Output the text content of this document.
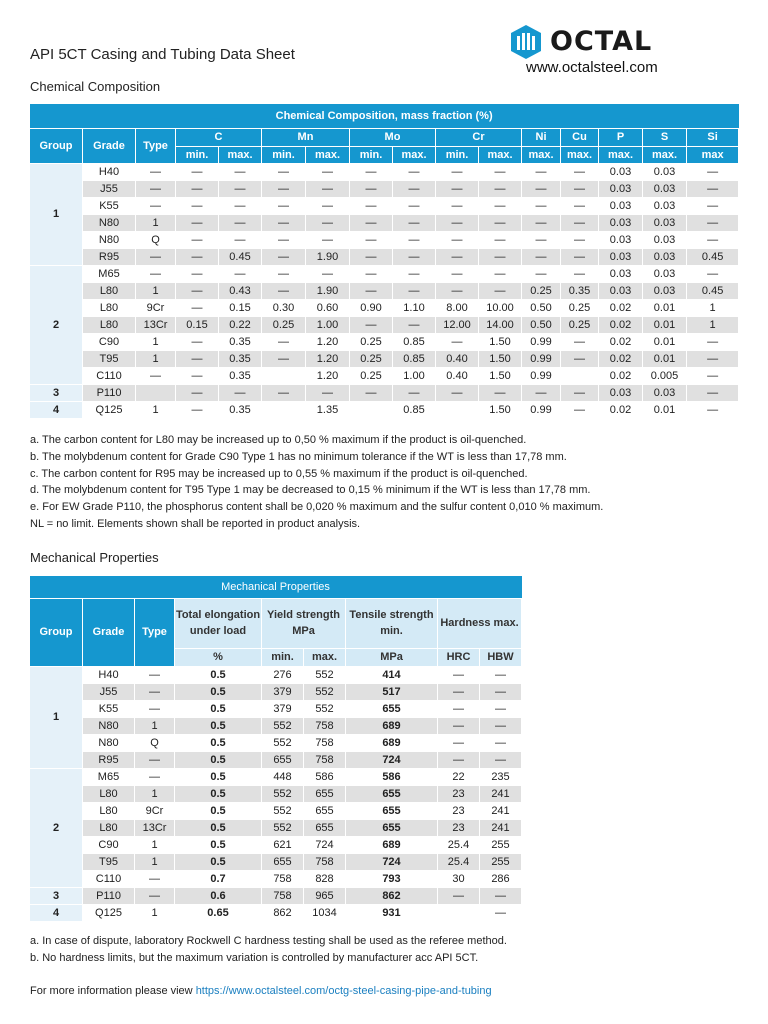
API 5CT Casing and Tubing Data Sheet	OCTAL
www.octalsteel.com
Chemical Composition
Chemical Composition, mass fraction (%)															
Group	Grade	Type	C		Mn		Mo		Cr		Ni	Cu	P	S	Si
			min.	max.	min.	max.	min.	max.	min.	max.	max.	max.	max.	max.	max
1	H40	—	—	—	—	—	—	—	—	—	—	—	0.03	0.03	—
	J55	—	—	—	—	—	—	—	—	—	—	—	0.03	0.03	—
	K55	—	—	—	—	—	—	—	—	—	—	—	0.03	0.03	—
	N80	1	—	—	—	—	—	—	—	—	—	—	0.03	0.03	—
	N80	Q	—	—	—	—	—	—	—	—	—	—	0.03	0.03	—
	R95	—	—	0.45	—	1.90	—	—	—	—	—	—	0.03	0.03	0.45
2	M65	—	—	—	—	—	—	—	—	—	—	—	0.03	0.03	—
	L80	1	—	0.43	—	1.90	—	—	—	—	0.25	0.35	0.03	0.03	0.45
	L80	9Cr	—	0.15	0.30	0.60	0.90	1.10	8.00	10.00	0.50	0.25	0.02	0.01	1
	L80	13Cr	0.15	0.22	0.25	1.00	—	—	12.00	14.00	0.50	0.25	0.02	0.01	1
	C90	1	—	0.35	—	1.20	0.25	0.85	—	1.50	0.99	—	0.02	0.01	—
	T95	1	—	0.35	—	1.20	0.25	0.85	0.40	1.50	0.99	—	0.02	0.01	—
	C110	—	—	0.35		1.20	0.25	1.00	0.40	1.50	0.99		0.02	0.005	—
3	P110		—	—	—	—	—	—	—	—	—	—	0.03	0.03	—
4	Q125	1	—	0.35		1.35		0.85		1.50	0.99	—	0.02	0.01	—
a. The carbon content for L80 may be increased up to 0,50 % maximum if the product is oil-quenched.
b. The molybdenum content for Grade C90 Type 1 has no minimum tolerance if the WT is less than 17,78 mm.
c. The carbon content for R95 may be increased up to 0,55 % maximum if the product is oil-quenched.
d. The molybdenum content for T95 Type 1 may be decreased to 0,15 % minimum if the WT is less than 17,78 mm.
e. For EW Grade P110, the phosphorus content shall be 0,020 % maximum and the sulfur content 0,010 % maximum.
NL = no limit. Elements shown shall be reported in product analysis.
Mechanical Properties
Mechanical Properties								
Group	Grade	Type	Total elongation under load	Yield strength MPa		Tensile strength min.	Hardness max.	
			%	min.	max.	MPa	HRC	HBW
1	H40	—	0.5	276	552	414	—	—
	J55	—	0.5	379	552	517	—	—
	K55	—	0.5	379	552	655	—	—
	N80	1	0.5	552	758	689	—	—
	N80	Q	0.5	552	758	689	—	—
	R95	—	0.5	655	758	724	—	—
2	M65	—	0.5	448	586	586	22	235
	L80	1	0.5	552	655	655	23	241
	L80	9Cr	0.5	552	655	655	23	241
	L80	13Cr	0.5	552	655	655	23	241
	C90	1	0.5	621	724	689	25.4	255
	T95	1	0.5	655	758	724	25.4	255
	C110	—	0.7	758	828	793	30	286
3	P110	—	0.6	758	965	862	—	—
4	Q125	1	0.65	862	1034	931		—
a. In case of dispute, laboratory Rockwell C hardness testing shall be used as the referee method.
b. No hardness limits, but the maximum variation is controlled by manufacturer acc API 5CT.
For more information please view https://www.octalsteel.com/octg-steel-casing-pipe-and-tubing
